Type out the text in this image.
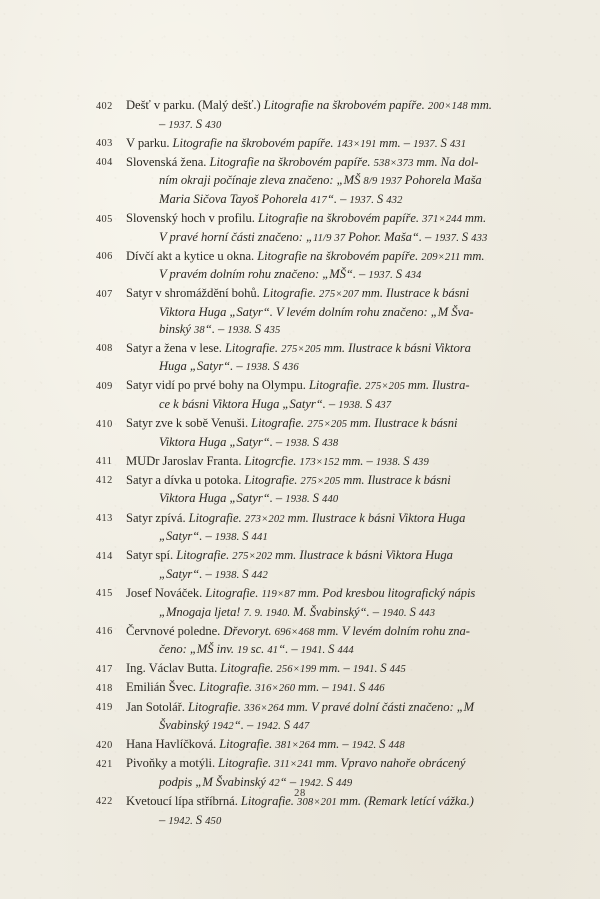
402	Dešť v parku. (Malý dešť.) Litografie na škrobovém papíře. 200×148 mm.
– 1937. S 430
403	V parku. Litografie na škrobovém papíře. 143×191 mm. – 1937. S 431
404	Slovenská žena. Litografie na škrobovém papíře. 538×373 mm. Na dol‐
ním okraji počínaje zleva značeno: „MŠ 8/9 1937 Pohorela Maša
Maria Sičova Tayoš Pohorela 417“. – 1937. S 432
405	Slovenský hoch v profilu. Litografie na škrobovém papíře. 371×244 mm.
V pravé horní části značeno: „11/9 37 Pohor. Maša“. – 1937. S 433
406	Dívčí akt a kytice u okna. Litografie na škrobovém papíře. 209×211 mm.
V pravém dolním rohu značeno: „MŠ“. – 1937. S 434
407	Satyr v shromáždění bohů. Litografie. 275×207 mm. Ilustrace k básni
Viktora Huga „Satyr“. V levém dolním rohu značeno: „M Šva‐
binský 38“. – 1938. S 435
408	Satyr a žena v lese. Litografie. 275×205 mm. Ilustrace k básni Viktora
Huga „Satyr“. – 1938. S 436
409	Satyr vidí po prvé bohy na Olympu. Litografie. 275×205 mm. Ilustra‐
ce k básni Viktora Huga „Satyr“. – 1938. S 437
410	Satyr zve k sobě Venuši. Litografie. 275×205 mm. Ilustrace k básni
Viktora Huga „Satyr“. – 1938. S 438
411	MUDr Jaroslav Franta. Litogrcfie. 173×152 mm. – 1938. S 439
412	Satyr a dívka u potoka. Litografie. 275×205 mm. Ilustrace k básni
Viktora Huga „Satyr“. – 1938. S 440
413	Satyr zpívá. Litografie. 273×202 mm. Ilustrace k básni Viktora Huga
„Satyr“. – 1938. S 441
414	Satyr spí. Litografie. 275×202 mm. Ilustrace k básni Viktora Huga
„Satyr“. – 1938. S 442
415	Josef Nováček. Litografie. 119×87 mm. Pod kresbou litografický nápis
„Mnogaja ljeta! 7. 9. 1940. M. Švabinský“. – 1940. S 443
416	Červnové poledne. Dřevoryt. 696×468 mm. V levém dolním rohu zna‐
čeno: „MŠ inv. 19 sc. 41“. – 1941. S 444
417	Ing. Václav Butta. Litografie. 256×199 mm. – 1941. S 445
418	Emilián Švec. Litografie. 316×260 mm. – 1941. S 446
419	Jan Sotolář. Litografie. 336×264 mm. V pravé dolní části značeno: „M
Švabinský 1942“. – 1942. S 447
420	Hana Havlíčková. Litografie. 381×264 mm. – 1942. S 448
421	Pivoňky a motýli. Litografie. 311×241 mm. Vpravo nahoře obrácený
podpis „M Švabinský 42“ – 1942. S 449
422	Kvetoucí lípa stříbrná. Litografie. 308×201 mm. (Remark letící vážka.)
– 1942. S 450
28
